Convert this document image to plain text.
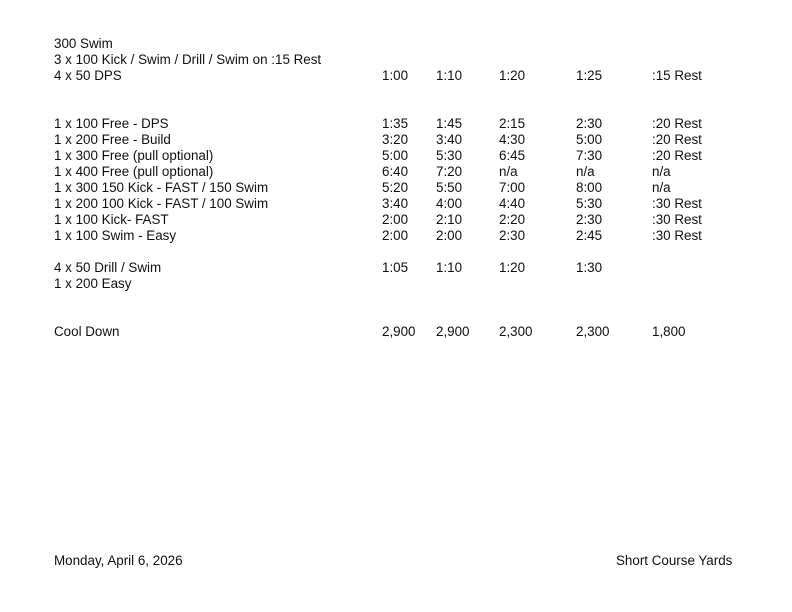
300 Swim
3 x 100 Kick / Swim / Drill / Swim on :15 Rest
4 x 50 DPS	1:00 1:10	1:20	1:25	:15 Rest
1 x 100 Free - DPS	1:35 1:45	2:15	2:30	:20 Rest
1 x 200 Free - Build	3:20 3:40	4:30	5:00	:20 Rest
1 x 300 Free (pull optional)	5:00 5:30	6:45	7:30	:20 Rest
1 x 400 Free (pull optional)	6:40 7:20	n/a	n/a	n/a
1 x 300 150 Kick - FAST / 150 Swim	5:20 5:50	7:00	8:00	n/a
1 x 200 100 Kick - FAST / 100 Swim	3:40 4:00	4:40	5:30	:30 Rest
1 x 100 Kick- FAST	2:00 2:10	2:20	2:30	:30 Rest
1 x 100 Swim - Easy	2:00 2:00	2:30	2:45	:30 Rest
4 x 50 Drill / Swim	1:05 1:10	1:20	1:30
1 x 200 Easy
Cool Down	2,900 2,900 2,300	2,300	1,800
Monday, April 6, 2026	Short Course Yards
